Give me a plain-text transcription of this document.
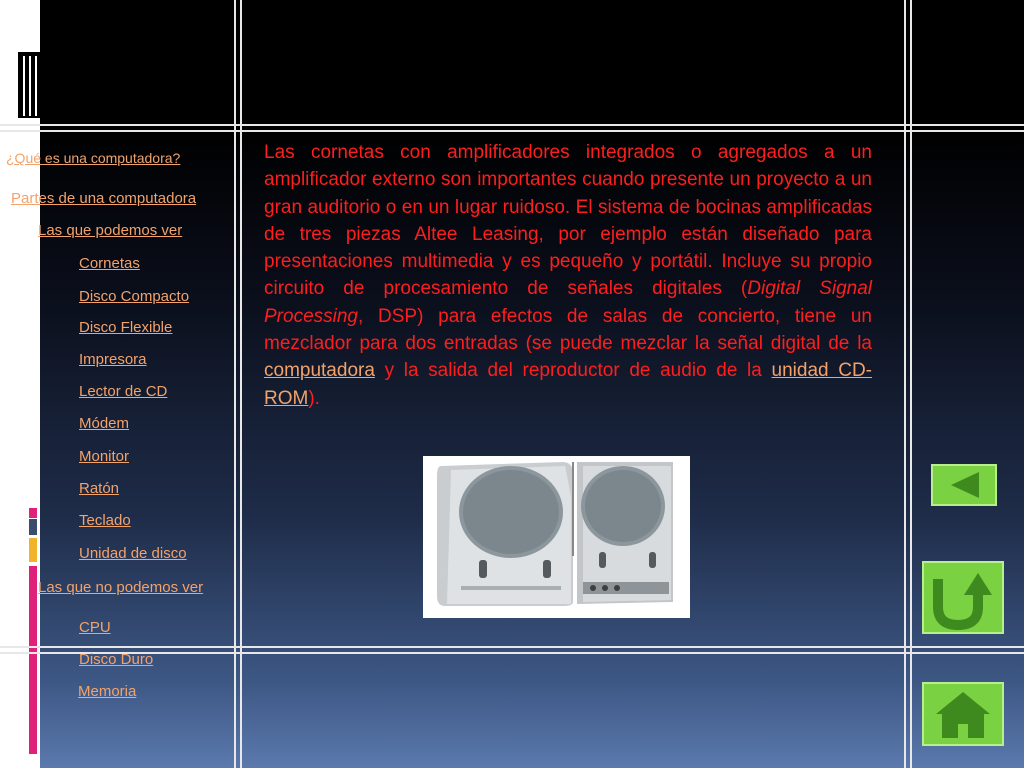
¿Qué es una computadora?
Partes de una computadora
Las que podemos ver
Cornetas
Disco Compacto
Disco Flexible
Impresora
Lector de CD
Módem
Monitor
Ratón
Teclado
Unidad de disco
Las que no podemos ver
CPU
Disco Duro
Memoria
Las cornetas con amplificadores integrados o agregados a un amplificador externo son importantes cuando presente un proyecto a un gran auditorio o en un lugar ruidoso. El sistema de bocinas amplificadas de tres piezas Altee Leasing, por ejemplo están diseñado para presentaciones multimedia y es pequeño y portátil. Incluye su propio circuito de procesamiento de señales digitales (Digital Signal Processing, DSP) para efectos de salas de concierto, tiene un mezclador para dos entradas (se puede mezclar la señal digital de la computadora y la salida del reproductor de audio de la unidad CD-ROM).
